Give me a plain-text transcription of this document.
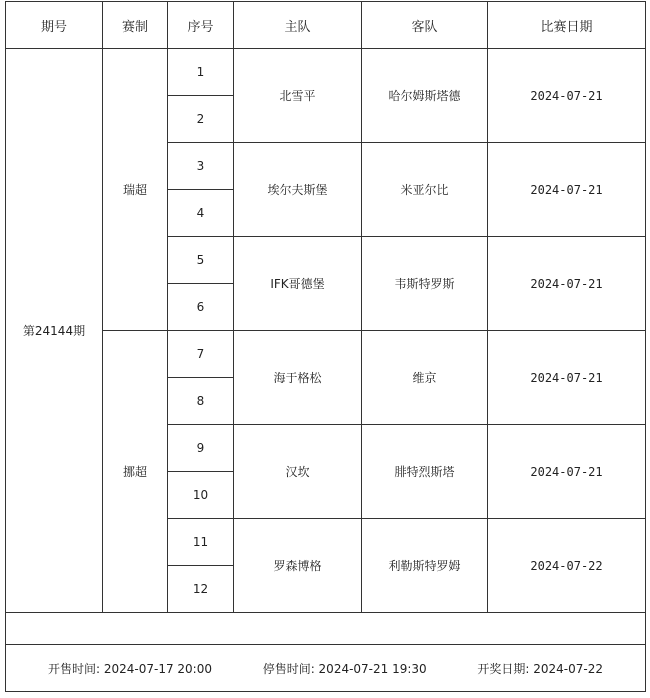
期号	赛制	序号	主队	客队	比赛日期
第24144期	瑞超	1	北雪平	哈尔姆斯塔德	2024-07-21
		2			
		3	埃尔夫斯堡	米亚尔比	2024-07-21
		4			
		5	IFK哥德堡	韦斯特罗斯	2024-07-21
		6			
	挪超	7	海于格松	维京	2024-07-21
		8			
		9	汉坎	腓特烈斯塔	2024-07-21
		10			
		11	罗森博格	利勒斯特罗姆	2024-07-22
		12			

开售时间: 2024-07-17 20:00 停售时间: 2024-07-21 19:30 开奖日期: 2024-07-22					
